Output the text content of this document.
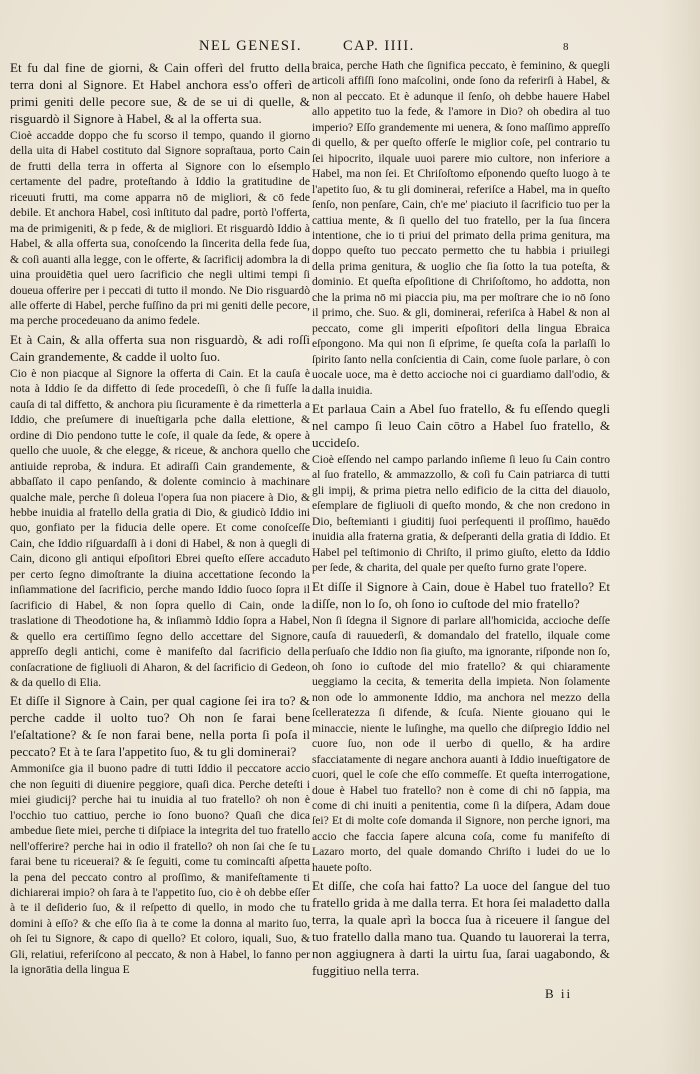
NEL GENESI.	CAP. IIII.	8

Et fu dal fine de giorni, & Cain offerì del frutto della terra doni al Signore. Et Habel anchora ess'o offerì de primi geniti delle pecore sue, & de se ui di quelle, & risguardò il Signore à Habel, & al la offerta sua.

Cioè accadde doppo che fu scorso il tempo, quando il giorno della uita di Habel costituto dal Signore sopraſtaua, porto Cain de frutti della terra in offerta al Signore con lo eſsemplo certamente del padre, proteſtando à Iddio la gratitudine de riceuuti frutti, ma come apparra nō de migliori, & cō fede debile. Et anchora Habel, così inſtituto dal padre, portò l'offerta, ma de primigeniti, & p fede, & de migliori. Et risguardò Iddio à Habel, & alla offerta sua, conoſcendo la ſincerita della fede ſua, & coſi auanti alla legge, con le offerte, & ſacrificij adombra la di uina prouidētia quel uero ſacrificio che negli ultimi tempi ſi doueua offerire per i peccati di tutto il mondo. Ne Dio risguardò alle offerte di Habel, perche fuſſino da pri mi geniti delle pecore, ma perche procedeuano da animo fedele.

Et à Cain, & alla offerta sua non risguardò, & adi roſſi Cain grandemente, & cadde il uolto ſuo.

Cio è non piacque al Signore la offerta di Cain. Et la cauſa è nota à Iddio ſe da diffetto di ſede procedeſſi, ò che ſi fuſſe la cauſa di tal diffetto, & anchora piu ſicuramente è da rimetterla a Iddio, che preſumere di inueſtigarla pche dalla elettione, & ordine di Dio pendono tutte le coſe, il quale da ſede, & opere à quello che uuole, & che elegge, & riceue, & anchora quello che antiuide reproba, & indura. Et adiraſſi Cain grandemente, & abbaſſato il capo penſando, & dolente comincio à machinare qualche male, perche ſi doleua l'opera ſua non piacere à Dio, & hebbe inuidia al fratello della gratia di Dio, & giudicò Iddio ini quo, gonfiato per la fiducia delle opere. Et come conoſceſſe Cain, che Iddio riſguardaſſi à i doni di Habel, & non à quegli di Cain, dicono gli antiqui eſpoſitori Ebrei queſto eſſere accaduto per certo ſegno dimoſtrante la diuina accettatione ſecondo la inſiammatione del ſacrificio, perche mando Iddio ſuoco ſopra il ſacrificio di Habel, & non ſopra quello di Cain, onde la traslatione di Theodotione ha, & inſiammò Iddio ſopra a Habel, & quello era certiſſimo ſegno dello accettare del Signore, appreſſo degli antichi, come è manifeſto dal ſacrificio della conſacratione de figliuoli di Aharon, & del ſacrificio di Gedeon, & da quello di Elia.

Et diſſe il Signore à Cain, per qual cagione ſei ira to? & perche cadde il uolto tuo? Oh non ſe farai bene l'eſaltatione? & ſe non farai bene, nella porta ſi poſa il peccato? Et à te ſara l'appetito ſuo, & tu gli dominerai?

Ammoniſce gia il buono padre di tutti Iddio il peccatore accio che non ſeguiti di diuenire peggiore, quaſi dica. Perche deteſti i miei giudicij? perche hai tu inuidia al tuo fratello? oh non è l'occhio tuo cattiuo, perche io ſono buono? Quaſi che dica ambedue ſiete miei, perche ti diſpiace la integrita del tuo fratello nell'offerire? perche hai in odio il fratello? oh non ſai che ſe tu farai bene tu riceuerai? & ſe ſeguiti, come tu comincaſti aſpetta la pena del peccato contro al proſſimo, & manifeſtamente ti dichiarerai impio? oh ſara à te l'appetito ſuo, cio è oh debbe eſſer à te il deſiderio ſuo, & il reſpetto di quello, in modo che tu domini à eſſo? & che eſſo ſia à te come la donna al marito ſuo, oh ſei tu Signore, & capo di quello? Et coloro, iquali, Suo, & Gli, relatiui, referiſcono al peccato, & non à Habel, lo fanno per la ignorātia della lingua E

braica, perche Hath che ſignifica peccato, è feminino, & quegli articoli affiſſi ſono maſcolini, onde ſono da referirſi à Habel, & non al peccato. Et è adunque il ſenſo, oh debbe hauere Habel allo appetito tuo la fede, & l'amore in Dio? oh obedira al tuo imperio? Eſſo grandemente mi uenera, & ſono maſſimo appreſſo di quello, & per queſto offerſe le miglior coſe, pel contrario tu ſei hipocrito, ilquale uuoi parere mio cultore, non inferiore a Habel, ma non ſei. Et Chriſoſtomo eſponendo queſto luogo à te l'apetito ſuo, & tu gli dominerai, referiſce a Habel, ma in queſto ſenſo, non penſare, Cain, ch'e me' piaciuto il ſacrificio tuo per la cattiua mente, & ſi quello del tuo fratello, per la ſua ſincera intentione, che io ti priui del primato della prima genitura, ma doppo queſto tuo peccato permetto che tu habbia i priuilegi della prima genitura, & uoglio che ſia ſotto la tua poteſta, & dominio. Et queſta eſpoſitione di Chriſoſtomo, ho addotta, non che la prima nō mi piaccia piu, ma per moſtrare che io nō ſono il primo, che. Suo. & gli, dominerai, referiſca à Habel & non al peccato, come gli imperiti eſpoſitori della lingua Ebraica eſpongono. Ma qui non ſi eſprime, ſe queſta coſa la parlaſſi lo ſpirito ſanto nella conſcientia di Cain, come ſuole parlare, ò con uocale uoce, ma è detto accioche noi ci guardiamo dall'odio, & dalla inuidia.

Et parlaua Cain a Abel ſuo fratello, & fu eſſendo quegli nel campo ſi leuo Cain cōtro a Habel ſuo fratello, & uccideſo.

Cioè eſſendo nel campo parlando inſieme ſi leuo ſu Cain contro al ſuo fratello, & ammazzollo, & coſi fu Cain patriarca di tutti gli impij, & prima pietra nello edificio de la citta del diauolo, eſemplare de figliuoli di queſto mondo, & che non credono in Dio, beſtemianti i giuditij ſuoi perſequenti il proſſimo, hauēdo inuidia alla fraterna gratia, & deſperanti della gratia di Iddio. Et Habel pel teſtimonio di Chriſto, il primo giuſto, eletto da Iddio per ſede, & charita, del quale per queſto furno grate l'opere.

Et diſſe il Signore à Cain, doue è Habel tuo fratello? Et diſſe, non lo ſo, oh ſono io cuſtode del mio fratello?

Non ſi ſdegna il Signore di parlare all'homicida, accioche deſſe cauſa di rauuederſi, & domandalo del fratello, ilquale come perſuaſo che Iddio non ſia giuſto, ma ignorante, riſponde non ſo, oh ſono io cuſtode del mio fratello? & qui chiaramente ueggiamo la cecita, & temerita della impieta. Non ſolamente non ode lo ammonente Iddio, ma anchora nel mezzo della ſcelleratezza ſi difende, & ſcuſa. Niente giouano qui le minaccie, niente le luſinghe, ma quello che diſpregio Iddio nel cuore ſuo, non ode il uerbo di quello, & ha ardire sfacciatamente di negare anchora auanti à Iddio inueſtigatore de cuori, quel le coſe che eſſo commeſſe. Et queſta interrogatione, doue è Habel tuo fratello? non è come di chi nō ſappia, ma come di chi inuiti a penitentia, come ſi la diſpera, Adam doue ſei? Et di molte coſe domanda il Signore, non perche ignori, ma accio che faccia ſapere alcuna coſa, come fu manifeſto di Lazaro morto, del quale domando Chriſto i ludei do ue lo hauete poſto.

Et diſſe, che coſa hai fatto? La uoce del ſangue del tuo fratello grida à me dalla terra. Et hora ſei maladetto dalla terra, la quale aprì la bocca ſua à riceuere il ſangue del tuo fratello dalla mano tua. Quando tu lauorerai la terra, non aggiugnera à darti la uirtu ſua, ſarai uagabondo, & fuggitiuo nella terra.

B ii
